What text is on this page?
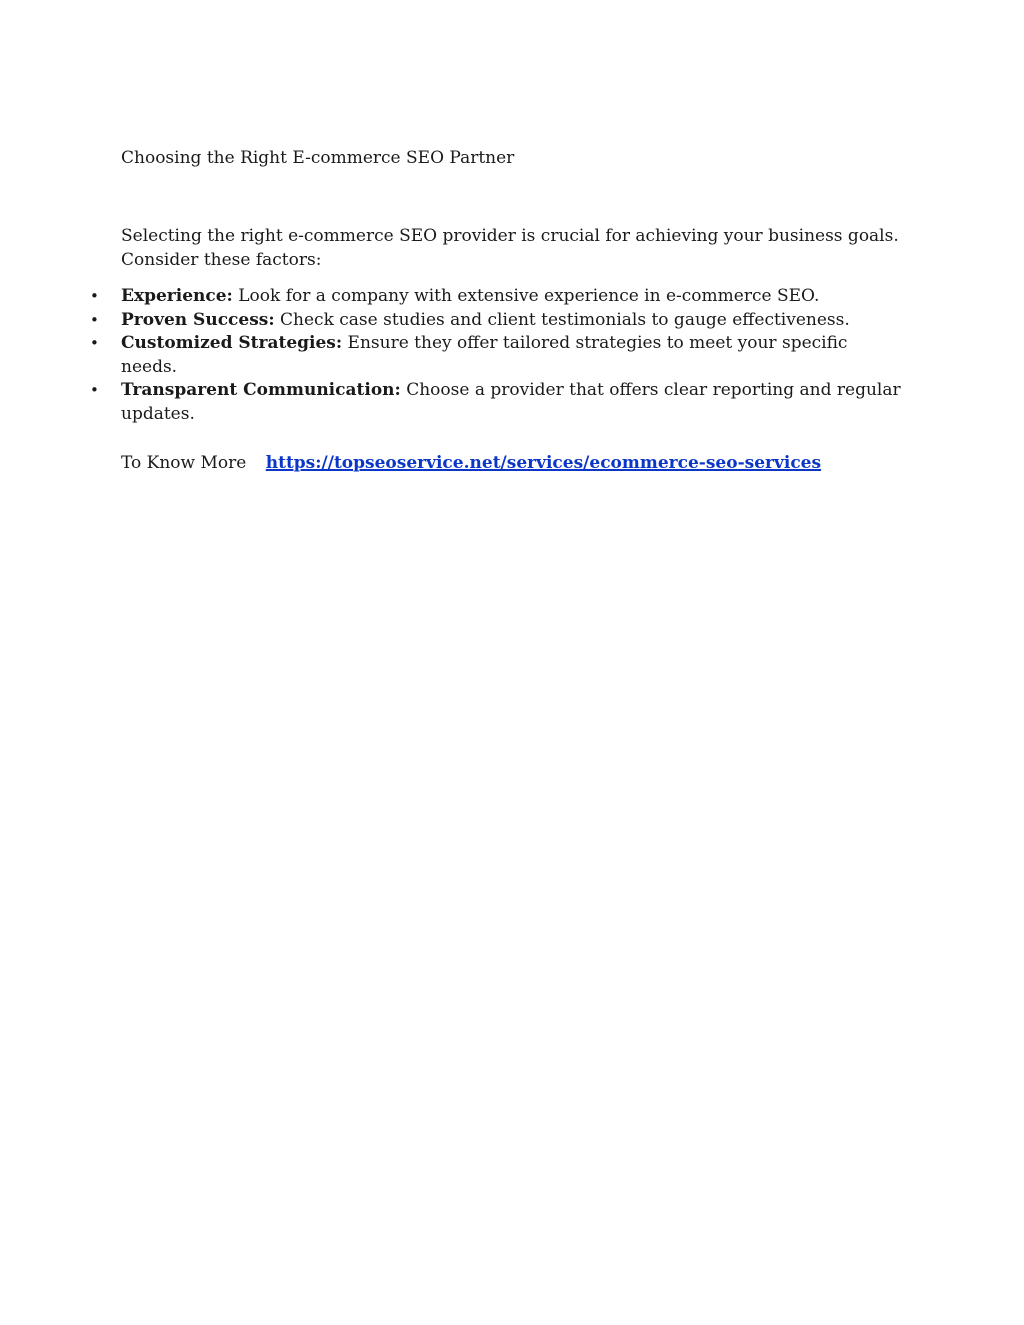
Choosing the Right E-commerce SEO Partner

Selecting the right e-commerce SEO provider is crucial for achieving your business goals. Consider these factors:

• Experience: Look for a company with extensive experience in e-commerce SEO.
• Proven Success: Check case studies and client testimonials to gauge effectiveness.
• Customized Strategies: Ensure they offer tailored strategies to meet your specific needs.
• Transparent Communication: Choose a provider that offers clear reporting and regular updates.

To Know More https://topseoservice.net/services/ecommerce-seo-services
